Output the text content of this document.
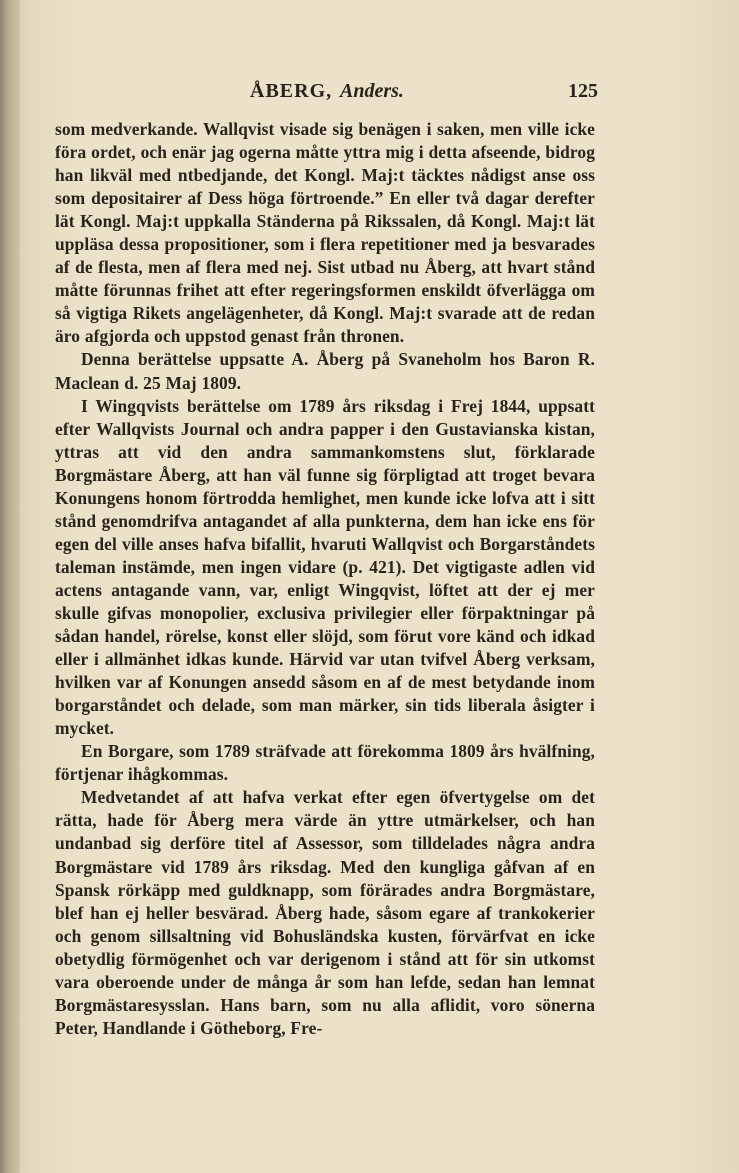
ÅBERG, Anders.	125

som medverkande. Wallqvist visade sig benägen i saken, men ville icke föra ordet, och enär jag ogerna måtte yttra mig i detta afseende, bidrog han likväl med ntbedjande, det Kongl. Maj:t täcktes nådigst anse oss som depositairer af Dess höga förtroende.” En eller två dagar derefter lät Kongl. Maj:t uppkalla Ständerna på Rikssalen, då Kongl. Maj:t lät uppläsa dessa propositioner, som i flera repetitioner med ja besvarades af de flesta, men af flera med nej. Sist utbad nu Åberg, att hvart stånd måtte förunnas frihet att efter regeringsformen enskildt öfverlägga om så vigtiga Rikets angelägenheter, då Kongl. Maj:t svarade att de redan äro afgjorda och uppstod genast från thronen.

Denna berättelse uppsatte A. Åberg på Svaneholm hos Baron R. Maclean d. 25 Maj 1809.

I Wingqvists berättelse om 1789 års riksdag i Frej 1844, uppsatt efter Wallqvists Journal och andra papper i den Gustavianska kistan, yttras att vid den andra sammankomstens slut, förklarade Borgmästare Åberg, att han väl funne sig förpligtad att troget bevara Konungens honom förtrodda hemlighet, men kunde icke lofva att i sitt stånd genomdrifva antagandet af alla punkterna, dem han icke ens för egen del ville anses hafva bifallit, hvaruti Wallqvist och Borgarståndets taleman instämde, men ingen vidare (p. 421). Det vigtigaste adlen vid actens antagande vann, var, enligt Wingqvist, löftet att der ej mer skulle gifvas monopolier, exclusiva privilegier eller förpaktningar på sådan handel, rörelse, konst eller slöjd, som förut vore känd och idkad eller i allmänhet idkas kunde. Härvid var utan tvifvel Åberg verksam, hvilken var af Konungen ansedd såsom en af de mest betydande inom borgarståndet och delade, som man märker, sin tids liberala åsigter i mycket.

En Borgare, som 1789 sträfvade att förekomma 1809 års hvälfning, förtjenar ihågkommas.

Medvetandet af att hafva verkat efter egen öfvertygelse om det rätta, hade för Åberg mera värde än yttre utmärkelser, och han undanbad sig derföre titel af Assessor, som tilldelades några andra Borgmästare vid 1789 års riksdag. Med den kungliga gåfvan af en Spansk rörkäpp med guldknapp, som förärades andra Borgmästare, blef han ej heller besvärad. Åberg hade, såsom egare af trankokerier och genom sillsaltning vid Bohusländska kusten, förvärfvat en icke obetydlig förmögenhet och var derigenom i stånd att för sin utkomst vara oberoende under de många år som han lefde, sedan han lemnat Borgmästaresysslan. Hans barn, som nu alla aflidit, voro sönerna Peter, Handlande i Götheborg, Fre-
